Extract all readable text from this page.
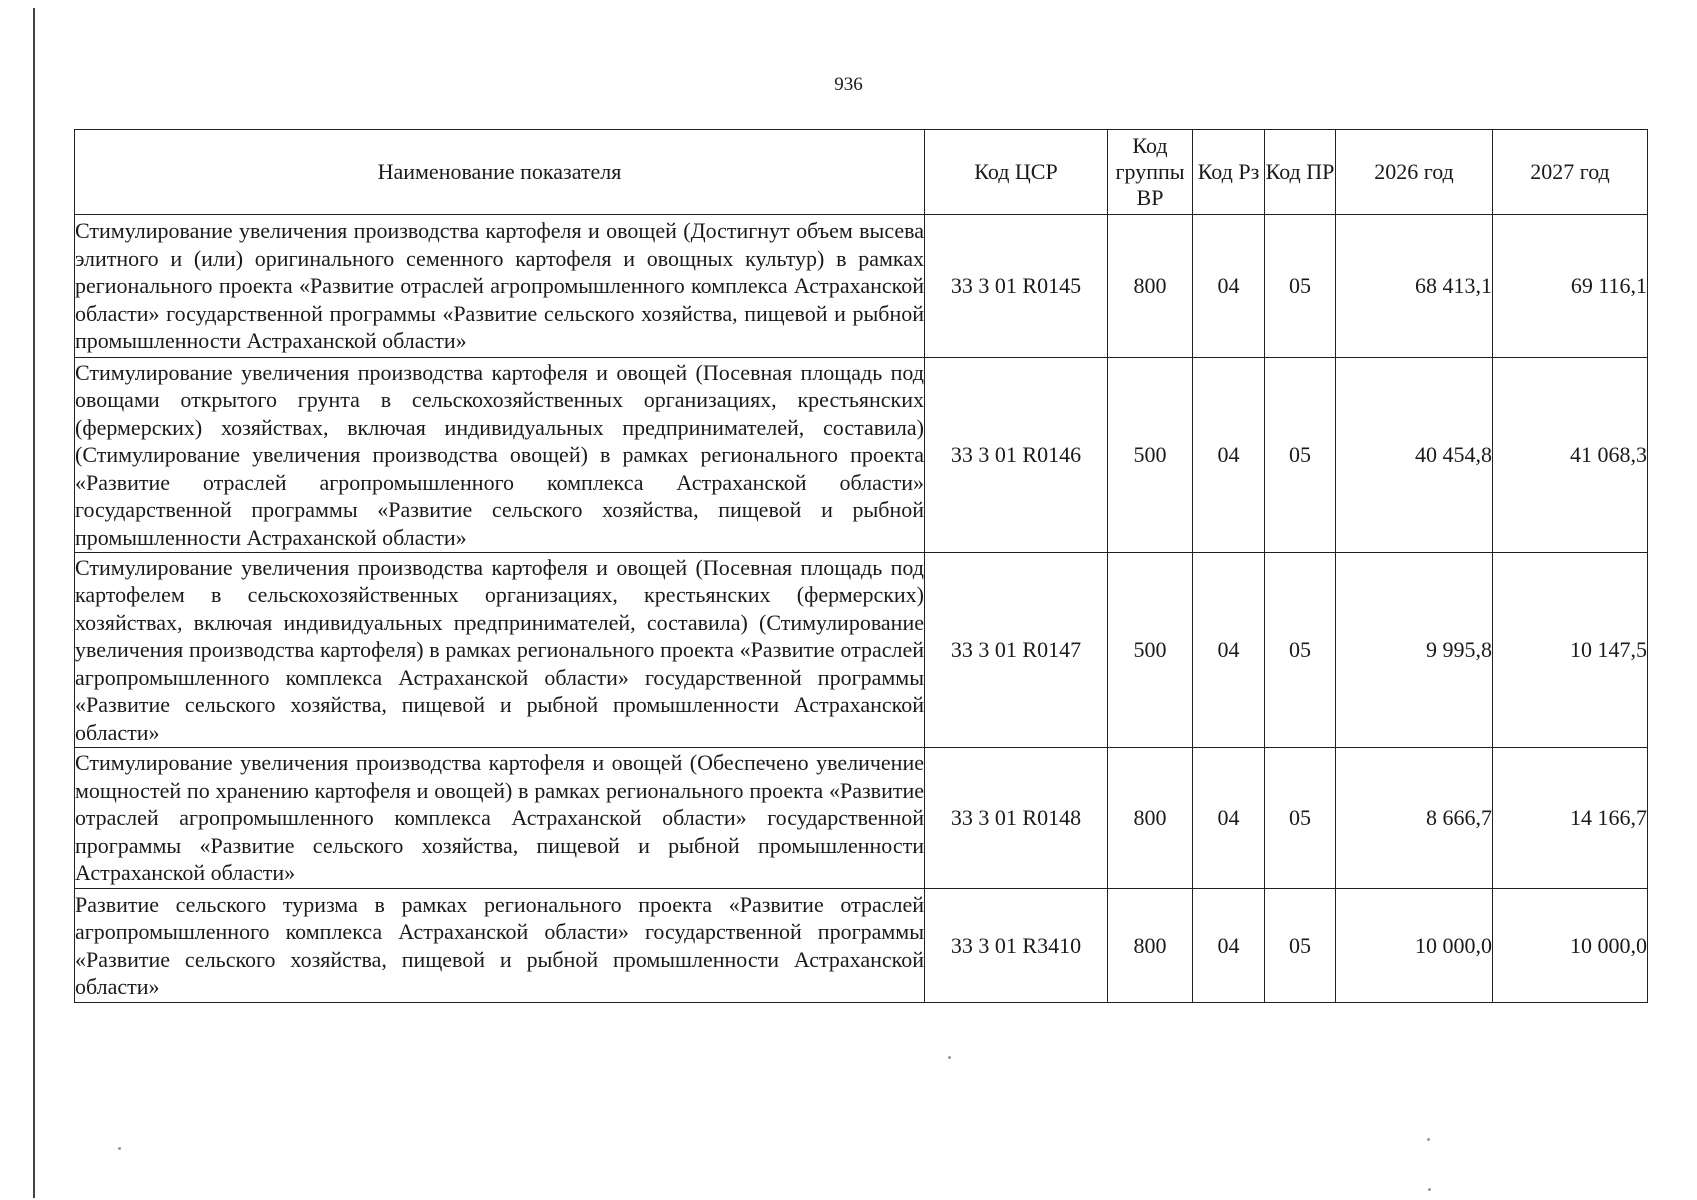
936
Наименование показателя	Код ЦСР	Код группы ВР	Код Рз	Код ПР	2026 год	2027 год
Стимулирование увеличения производства картофеля и овощей (Достигнут объем высева элитного и (или) оригинального семенного картофеля и овощных культур) в рамках регионального проекта «Развитие отраслей агропромышленного комплекса Астраханской области» государственной программы «Развитие сельского хозяйства, пищевой и рыбной промышленности Астраханской области»	33 3 01 R0145	800	04	05	68 413,1	69 116,1
Стимулирование увеличения производства картофеля и овощей (Посевная площадь под овощами открытого грунта в сельскохозяйственных организациях, крестьянских (фермерских) хозяйствах, включая индивидуальных предпринимателей, составила) (Стимулирование увеличения производства овощей) в рамках регионального проекта «Развитие отраслей агропромышленного комплекса Астраханской области» государственной программы «Развитие сельского хозяйства, пищевой и рыбной промышленности Астраханской области»	33 3 01 R0146	500	04	05	40 454,8	41 068,3
Стимулирование увеличения производства картофеля и овощей (Посевная площадь под картофелем в сельскохозяйственных организациях, крестьянских (фермерских) хозяйствах, включая индивидуальных предпринимателей, составила) (Стимулирование увеличения производства картофеля) в рамках регионального проекта «Развитие отраслей агропромышленного комплекса Астраханской области» государственной программы «Развитие сельского хозяйства, пищевой и рыбной промышленности Астраханской области»	33 3 01 R0147	500	04	05	9 995,8	10 147,5
Стимулирование увеличения производства картофеля и овощей (Обеспечено увеличение мощностей по хранению картофеля и овощей) в рамках регионального проекта «Развитие отраслей агропромышленного комплекса Астраханской области» государственной программы «Развитие сельского хозяйства, пищевой и рыбной промышленности Астраханской области»	33 3 01 R0148	800	04	05	8 666,7	14 166,7
Развитие сельского туризма в рамках регионального проекта «Развитие отраслей агропромышленного комплекса Астраханской области» государственной программы «Развитие сельского хозяйства, пищевой и рыбной промышленности Астраханской области»	33 3 01 R3410	800	04	05	10 000,0	10 000,0
